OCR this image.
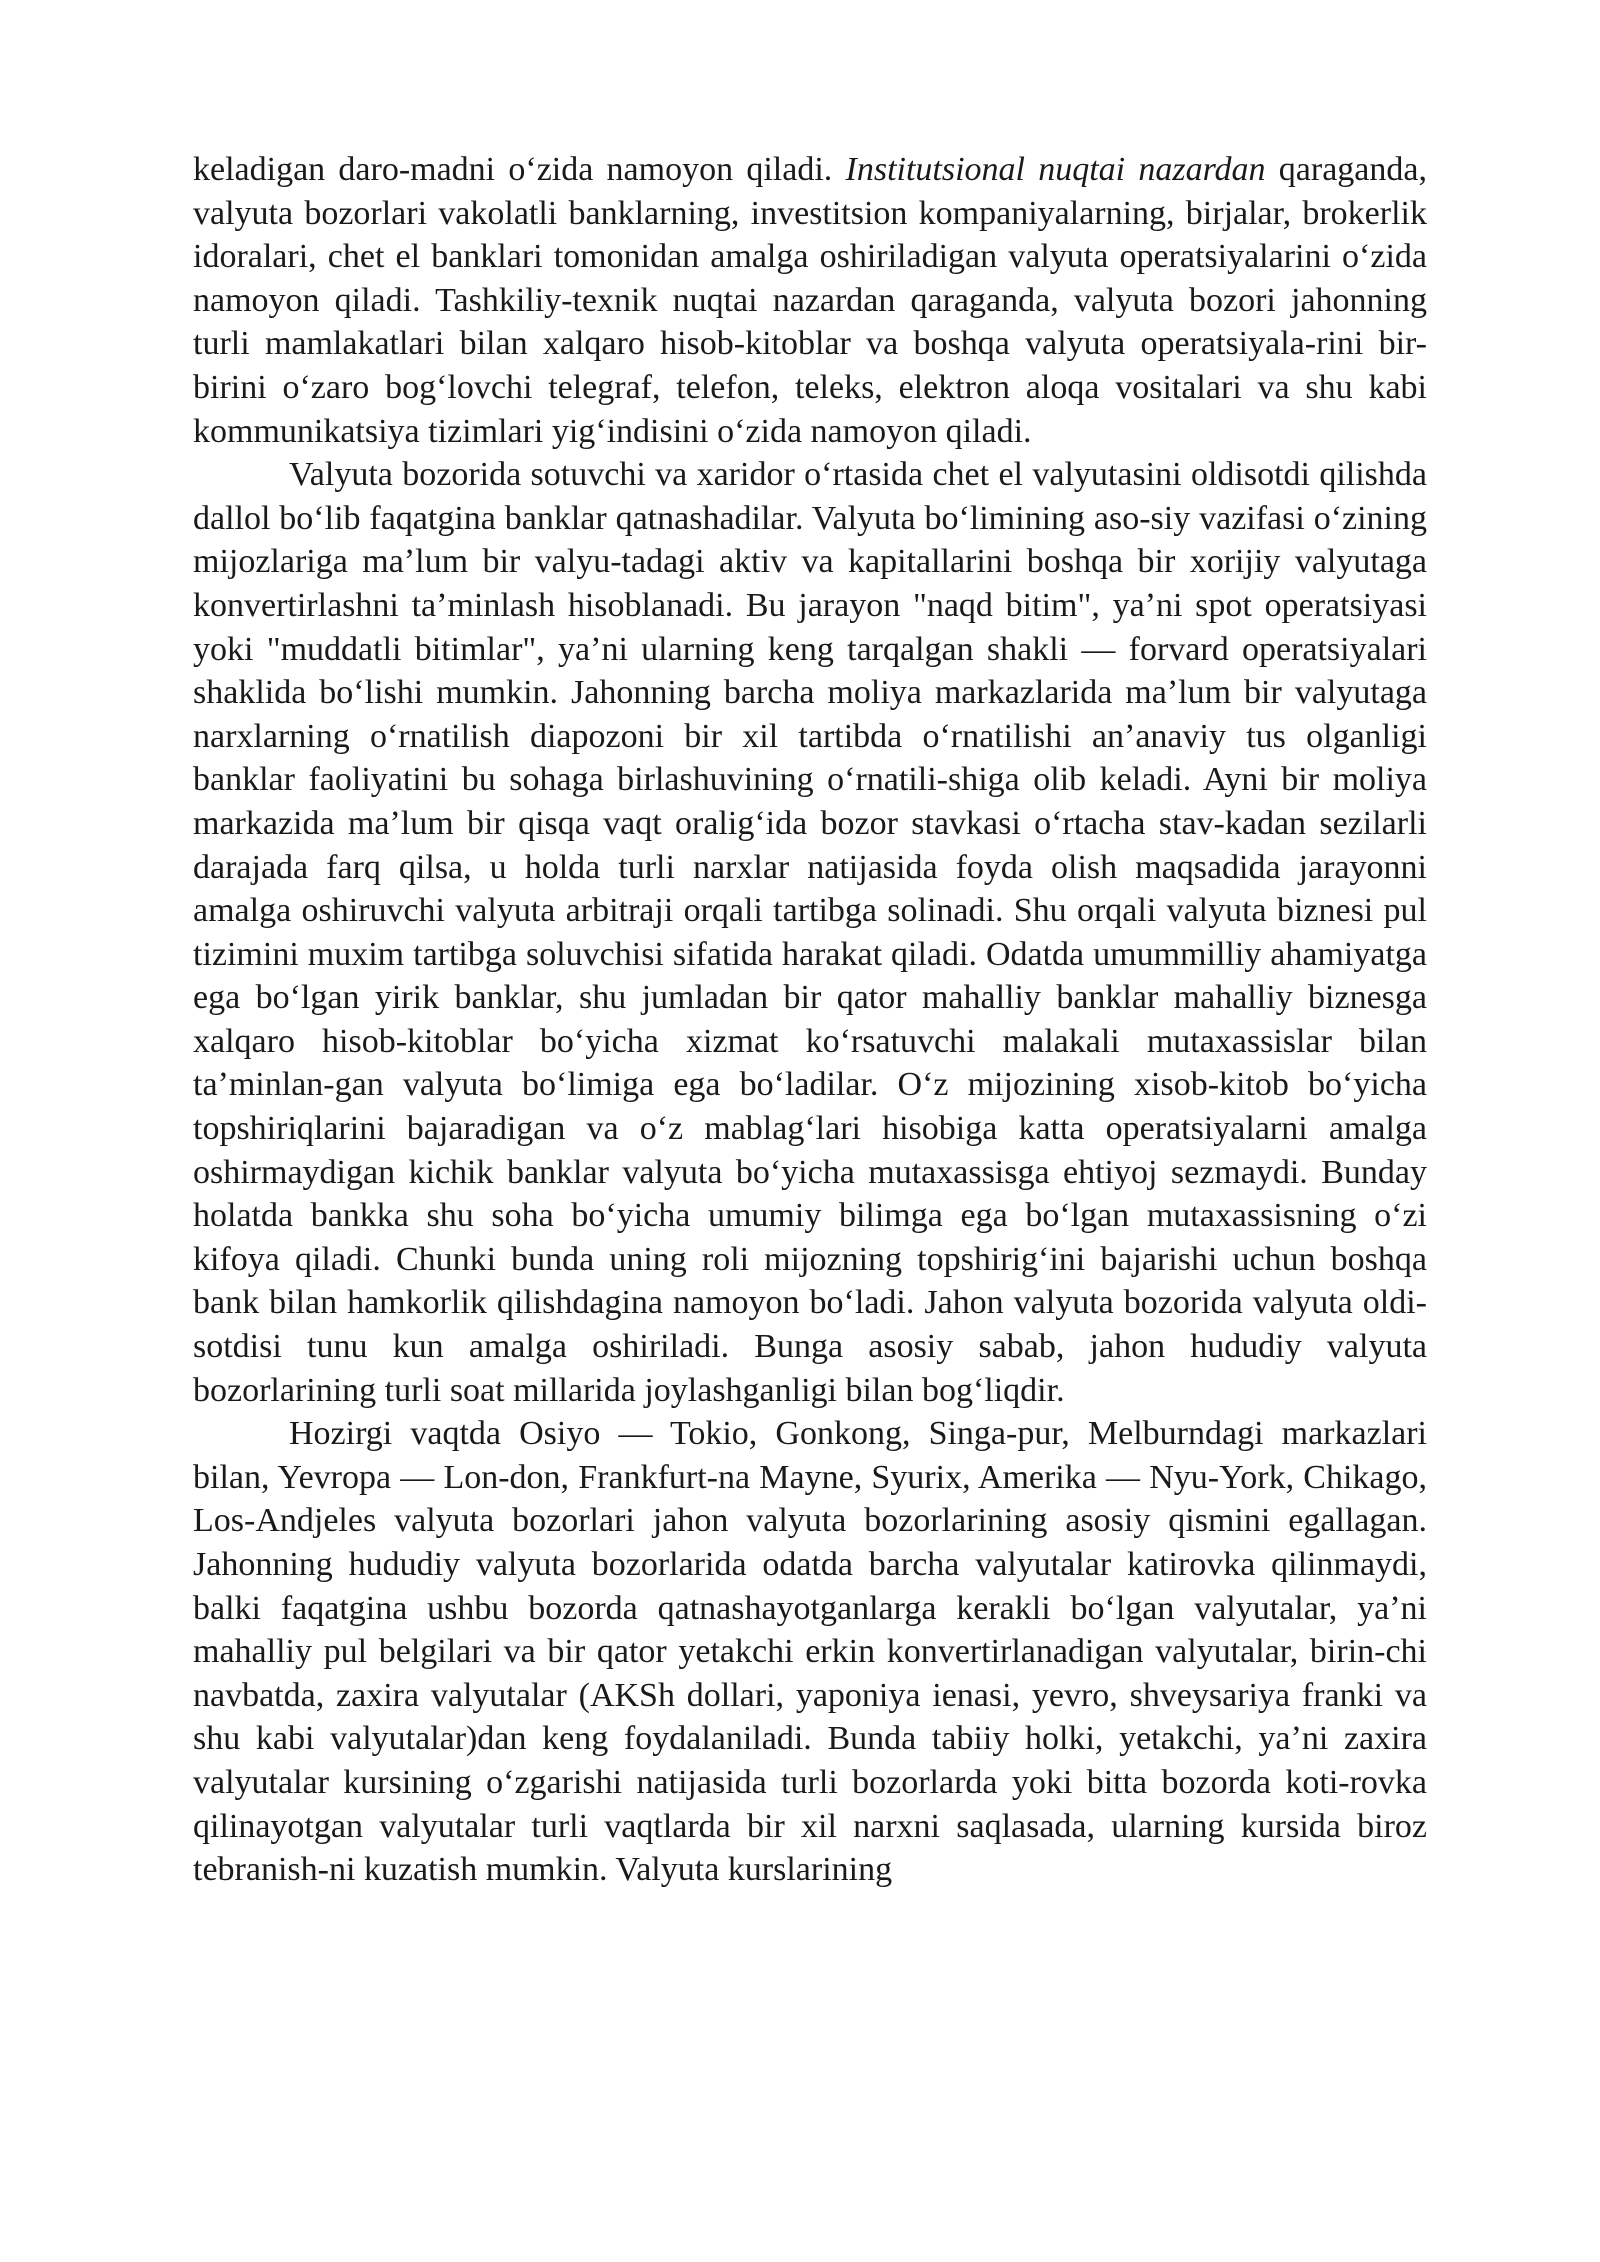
keladigan daro-madni oʻzida namoyon qiladi. Institutsional nuqtai nazardan qaraganda, valyuta bozorlari vakolatli banklarning, investitsion kompaniyalarning, birjalar, brokerlik idoralari, chet el banklari tomonidan amalga oshiriladigan valyuta operatsiyalarini oʻzida namoyon qiladi. Tashkiliy-texnik nuqtai nazardan qaraganda, valyuta bozori jahonning turli mamlakatlari bilan xalqaro hisob-kitoblar va boshqa valyuta operatsiyala-rini bir-birini oʻzaro bogʻlovchi telegraf, telefon, teleks, elektron aloqa vositalari va shu kabi kommunikatsiya tizimlari yigʻindisini oʻzida namoyon qiladi.

Valyuta bozorida sotuvchi va xaridor oʻrtasida chet el valyutasini oldisotdi qilishda dallol boʻlib faqatgina banklar qatnashadilar. Valyuta boʻlimining aso-siy vazifasi oʻzining mijozlariga maʼlum bir valyu-tadagi aktiv va kapitallarini boshqa bir xorijiy valyutaga konvertirlashni taʼminlash hisoblanadi. Bu jarayon "naqd bitim", yaʼni spot operatsiyasi yoki "muddatli bitimlar", yaʼni ularning keng tarqalgan shakli — forvard operatsiyalari shaklida boʻlishi mumkin. Jahonning barcha moliya markazlarida maʼlum bir valyutaga narxlarning oʻrnatilish diapozoni bir xil tartibda oʻrnatilishi anʼanaviy tus olganligi banklar faoliyatini bu sohaga birlashuvining oʻrnatili-shiga olib keladi. Ayni bir moliya markazida maʼlum bir qisqa vaqt oraligʻida bozor stavkasi oʻrtacha stav-kadan sezilarli darajada farq qilsa, u holda turli narxlar natijasida foyda olish maqsadida jarayonni amalga oshiruvchi valyuta arbitraji orqali tartibga solinadi. Shu orqali valyuta biznesi pul tizimini muxim tartibga soluvchisi sifatida harakat qiladi. Odatda umummilliy ahamiyatga ega boʻlgan yirik banklar, shu jumladan bir qator mahalliy banklar mahalliy biznesga xalqaro hisob-kitoblar boʻyicha xizmat koʻrsatuvchi malakali mutaxassislar bilan taʼminlan-gan valyuta boʻlimiga ega boʻladilar. Oʻz mijozining xisob-kitob boʻyicha topshiriqlarini bajaradigan va oʻz mablagʻlari hisobiga katta operatsiyalarni amalga oshirmaydigan kichik banklar valyuta boʻyicha mutaxassisga ehtiyoj sezmaydi. Bunday holatda bankka shu soha boʻyicha umumiy bilimga ega boʻlgan mutaxassisning oʻzi kifoya qiladi. Chunki bunda uning roli mijozning topshirigʻini bajarishi uchun boshqa bank bilan hamkorlik qilishdagina namoyon boʻladi. Jahon valyuta bozorida valyuta oldi-sotdisi tunu kun amalga oshiriladi. Bunga asosiy sabab, jahon hududiy valyuta bozorlarining turli soat millarida joylashganligi bilan bogʻliqdir.

Hozirgi vaqtda Osiyo — Tokio, Gonkong, Singa-pur, Melburndagi markazlari bilan, Yevropa — Lon-don, Frankfurt-na Mayne, Syurix, Amerika — Nyu-York, Chikago, Los-Andjeles valyuta bozorlari jahon valyuta bozorlarining asosiy qismini egallagan. Jahonning hududiy valyuta bozorlarida odatda barcha valyutalar katirovka qilinmaydi, balki faqatgina ushbu bozorda qatnashayotganlarga kerakli boʻlgan valyutalar, yaʼni mahalliy pul belgilari va bir qator yetakchi erkin konvertirlanadigan valyutalar, birin-chi navbatda, zaxira valyutalar (AKSh dollari, yaponiya ienasi, yevro, shveysariya franki va shu kabi valyutalar)dan keng foydalaniladi. Bunda tabiiy holki, yetakchi, yaʼni zaxira valyutalar kursining oʻzgarishi natijasida turli bozorlarda yoki bitta bozorda koti-rovka qilinayotgan valyutalar turli vaqtlarda bir xil narxni saqlasada, ularning kursida biroz tebranish-ni kuzatish mumkin. Valyuta kurslarining
